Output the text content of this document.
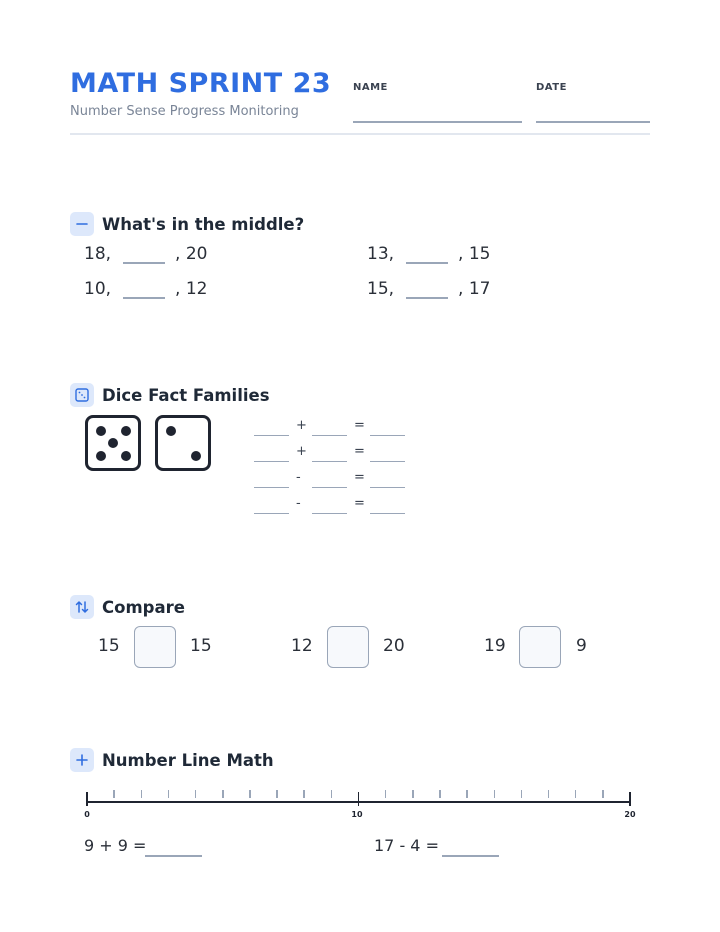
MATH SPRINT 23
Number Sense Progress Monitoring
NAME	DATE
What's in the middle?
18,	, 20	13,	, 15
10,	, 12	15,	, 17
Dice Fact Families
+	=
+	=
-	=
-	=
Compare
15	15	12	20	19	9
Number Line Math
0	10	20
9 + 9 =	17 - 4 =
